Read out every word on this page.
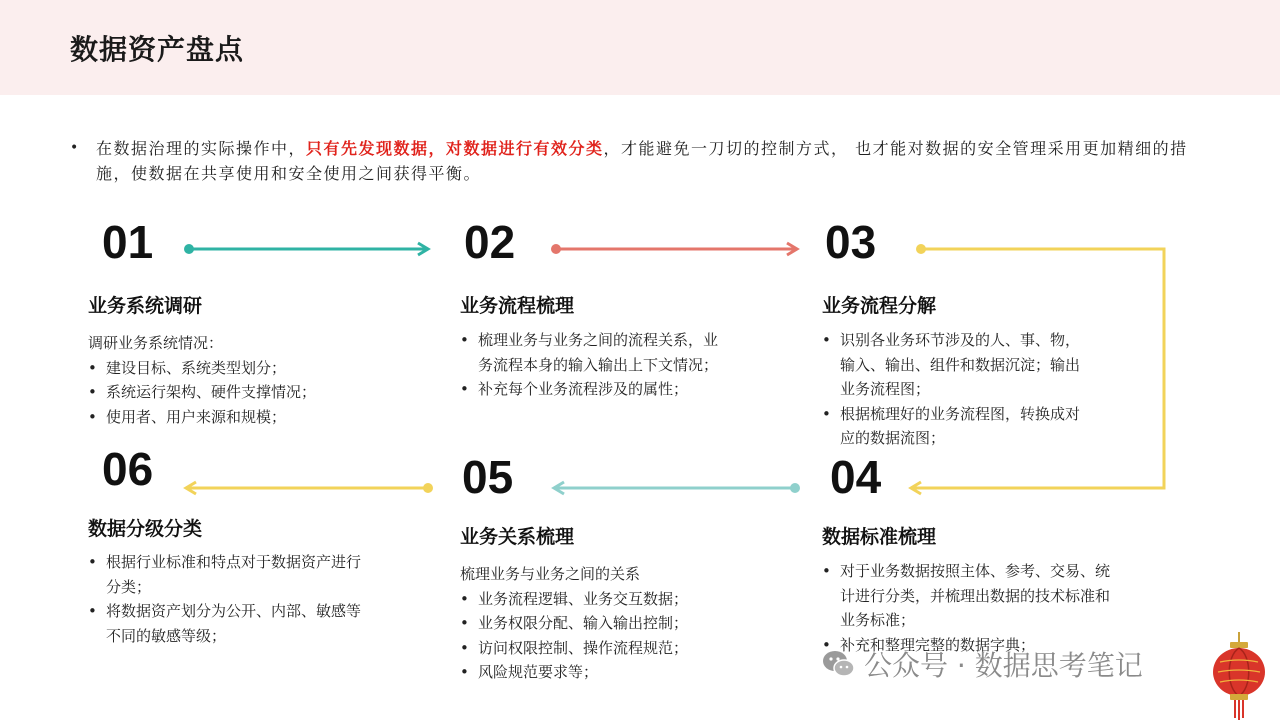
数据资产盘点
•	在数据治理的实际操作中，只有先发现数据，对数据进行有效分类，才能避免一刀切的控制方式， 也才能对数据的安全管理采用更加精细的措施，使数据在共享使用和安全使用之间获得平衡。
01
业务系统调研
调研业务系统情况：
• 建设目标、系统类型划分；
• 系统运行架构、硬件支撑情况；
• 使用者、用户来源和规模；
02
业务流程梳理
• 梳理业务与业务之间的流程关系，业务流程本身的输入输出上下文情况；
• 补充每个业务流程涉及的属性；
03
业务流程分解
• 识别各业务环节涉及的人、事、物，输入、输出、组件和数据沉淀；输出业务流程图；
• 根据梳理好的业务流程图，转换成对应的数据流图；
06
数据分级分类
• 根据行业标准和特点对于数据资产进行分类；
• 将数据资产划分为公开、内部、敏感等不同的敏感等级；
05
业务关系梳理
梳理业务与业务之间的关系
• 业务流程逻辑、业务交互数据；
• 业务权限分配、输入输出控制；
• 访问权限控制、操作流程规范；
• 风险规范要求等；
04
数据标准梳理
• 对于业务数据按照主体、参考、交易、统计进行分类，并梳理出数据的技术标准和业务标准；
• 补充和整理完整的数据字典；
公众号 · 数据思考笔记
